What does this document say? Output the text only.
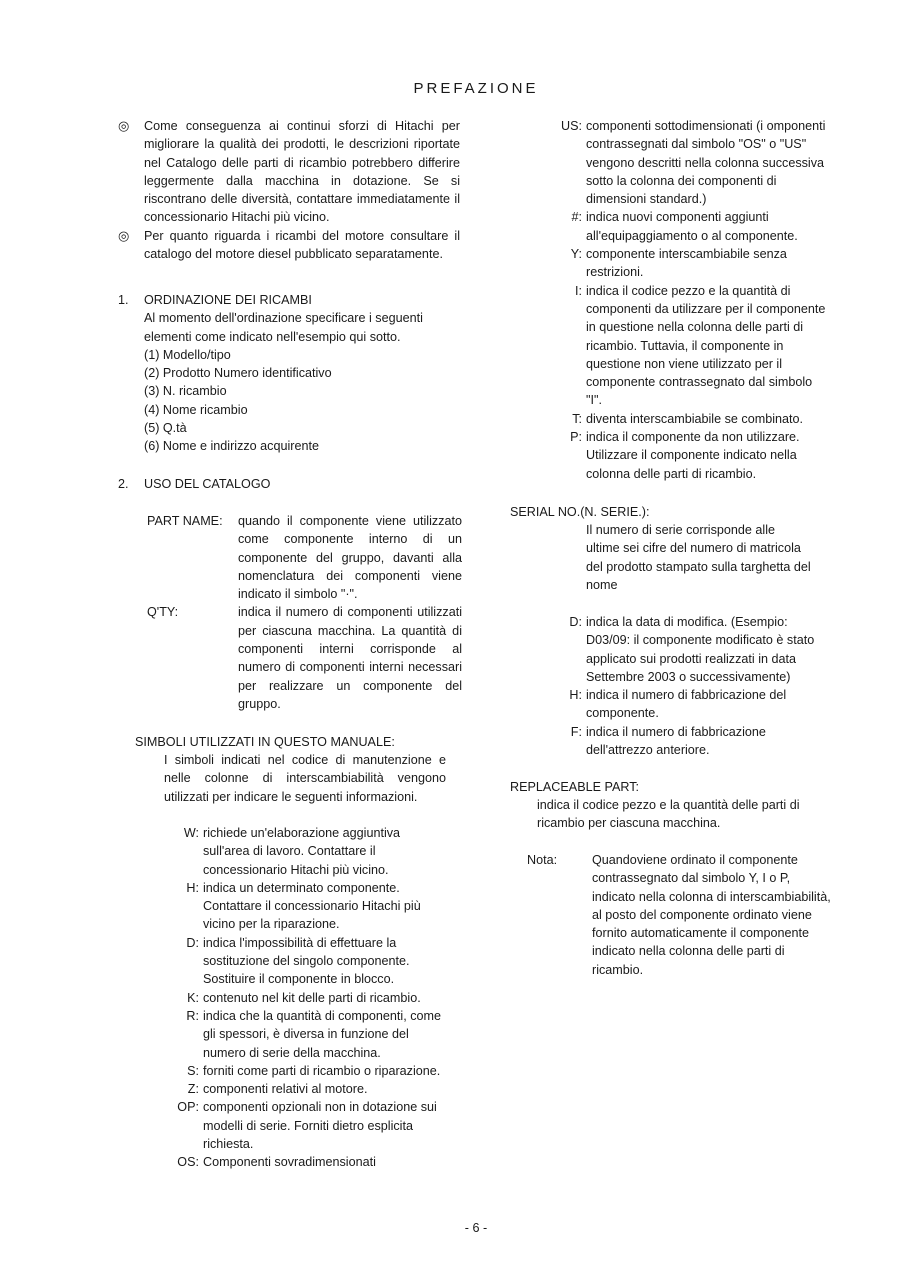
PREFAZIONE
◎	Come conseguenza ai continui sforzi di Hitachi per migliorare la qualità dei prodotti, le descrizioni riportate nel Catalogo delle parti di ricambio potrebbero differire leggermente dalla macchina in dotazione. Se si riscontrano delle diversità, contattare immediatamente il concessionario Hitachi più vicino.
◎	Per quanto riguarda i ricambi del motore consultare il catalogo del motore diesel pubblicato separatamente.
1.	ORDINAZIONE DEI RICAMBI
Al momento dell'ordinazione specificare i seguenti elementi come indicato nell'esempio qui sotto.
(1) Modello/tipo
(2) Prodotto Numero identificativo
(3) N. ricambio
(4) Nome ricambio
(5) Q.tà
(6) Nome e indirizzo acquirente
2.	USO DEL CATALOGO
PART NAME:	quando il componente viene utilizzato come componente interno di un componente del gruppo, davanti alla nomenclatura dei componenti viene indicato il simbolo "·".
Q'TY:	indica il numero di componenti utilizzati per ciascuna macchina. La quantità di componenti interni corrisponde al numero di componenti interni necessari per realizzare un componente del gruppo.
SIMBOLI UTILIZZATI IN QUESTO MANUALE:
I simboli indicati nel codice di manutenzione e nelle colonne di interscambiabilità vengono utilizzati per indicare le seguenti informazioni.
W: richiede un'elaborazione aggiuntiva
sull'area di lavoro. Contattare il
concessionario Hitachi più vicino.
H: indica un determinato componente.
Contattare il concessionario Hitachi più
vicino per la riparazione.
D: indica l'impossibilità di effettuare la
sostituzione del singolo componente.
Sostituire il componente in blocco.
K: contenuto nel kit delle parti di ricambio.
R: indica che la quantità di componenti, come
gli spessori, è diversa in funzione del
numero di serie della macchina.
S: forniti come parti di ricambio o riparazione.
Z: componenti relativi al motore.
OP: componenti opzionali non in dotazione sui
modelli di serie. Forniti dietro esplicita
richiesta.
OS: Componenti sovradimensionati
US: componenti sottodimensionati (i omponenti
contrassegnati dal simbolo "OS" o "US"
vengono descritti nella colonna successiva
sotto la colonna dei componenti di
dimensioni standard.)
#: indica nuovi componenti aggiunti
all'equipaggiamento o al componente.
Y: componente interscambiabile senza
restrizioni.
I: indica il codice pezzo e la quantità di
componenti da utilizzare per il componente
in questione nella colonna delle parti di
ricambio. Tuttavia, il componente in
questione non viene utilizzato per il
componente contrassegnato dal simbolo
"I".
T: diventa interscambiabile se combinato.
P: indica il componente da non utilizzare.
Utilizzare il componente indicato nella
colonna delle parti di ricambio.
SERIAL NO.(N. SERIE.):
Il numero di serie corrisponde alle
ultime sei cifre del numero di matricola
del prodotto stampato sulla targhetta del
nome
D: indica la data di modifica. (Esempio:
D03/09: il componente modificato è stato
applicato sui prodotti realizzati in data
Settembre 2003 o successivamente)
H: indica il numero di fabbricazione del
componente.
F: indica il numero di fabbricazione
dell'attrezzo anteriore.
REPLACEABLE PART:
indica il codice pezzo e la quantità delle parti di
ricambio per ciascuna macchina.
Nota:	Quandoviene ordinato il componente
contrassegnato dal simbolo Y, I o P,
indicato nella colonna di interscambiabilità,
al posto del componente ordinato viene
fornito automaticamente il componente
indicato nella colonna delle parti di
ricambio.
- 6 -
